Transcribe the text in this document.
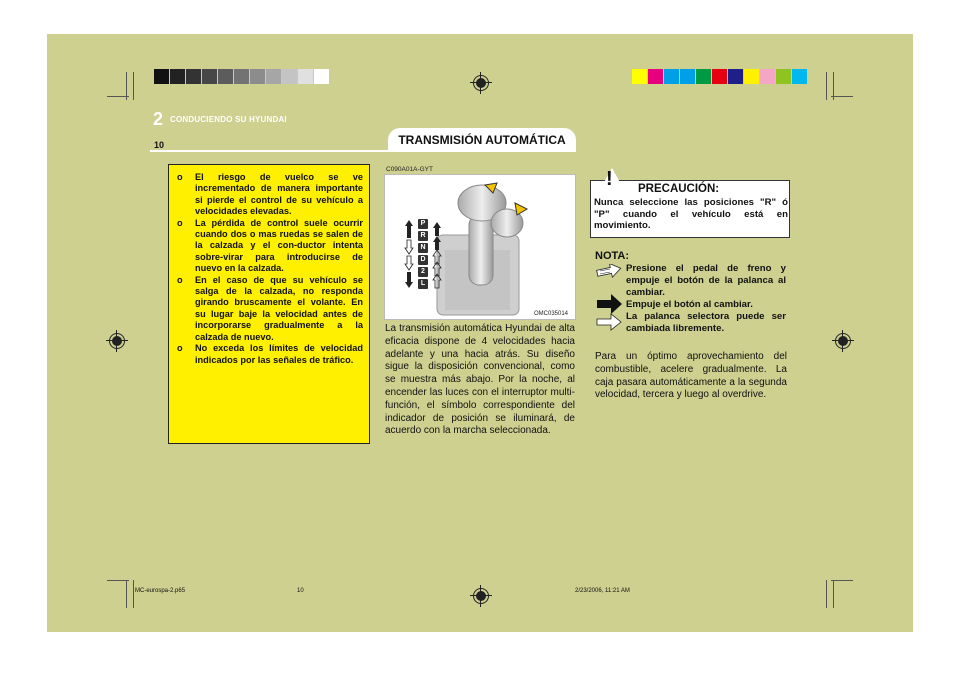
2 CONDUCIENDO SU HYUNDAI
10	TRANSMISIÓN AUTOMÁTICA
o El riesgo de vuelco se ve incrementado de manera importante si pierde el control de su vehículo a velocidades elevadas.
o La pérdida de control suele ocurrir cuando dos o mas ruedas se salen de la calzada y el con-ductor intenta sobre-virar para introducirse de nuevo en la calzada.
o En el caso de que su vehículo se salga de la calzada, no responda girando bruscamente el volante. En su lugar baje la velocidad antes de incorporarse gradualmente a la calzada de nuevo.
o No exceda los límites de velocidad indicados por las señales de tráfico.
C090A01A-GYT
P
R
N
D
2
L
OMC035014
La transmisión automática Hyundai de alta eficacia dispone de 4 velocidades hacia adelante y una hacia atrás. Su diseño sigue la disposición convencional, como se muestra más abajo. Por la noche, al encender las luces con el interruptor multi-función, el símbolo correspondiente del indicador de posición se iluminará, de acuerdo con la marcha seleccionada.
! PRECAUCIÓN:
Nunca seleccione las posiciones "R" ó "P" cuando el vehículo está en movimiento.
NOTA:
Presione el pedal de freno y empuje el botón de la palanca al cambiar.
Empuje el botón al cambiar.
La palanca selectora puede ser cambiada libremente.
Para un óptimo aprovechamiento del combustible, acelere gradualmente. La caja pasara automáticamente a la segunda velocidad, tercera y luego al overdrive.
MC-eurospa-2.p65	10	2/23/2006, 11:21 AM
